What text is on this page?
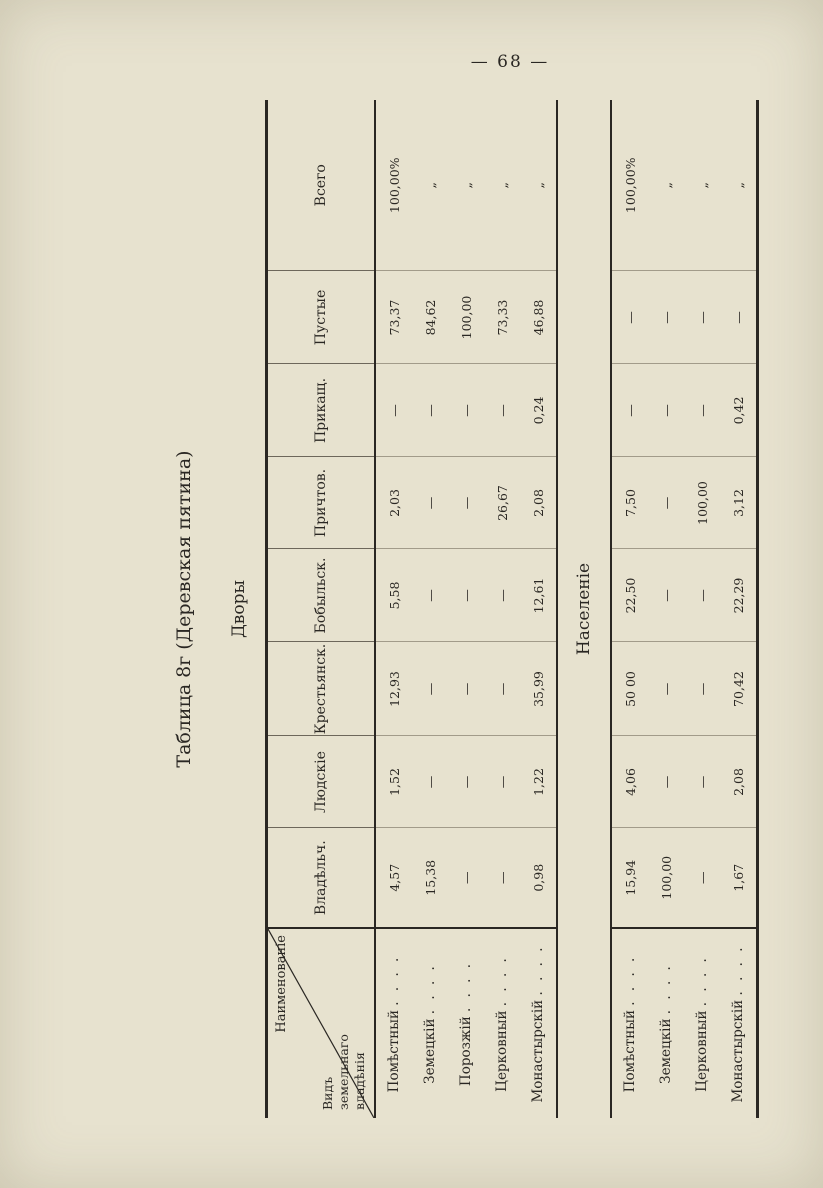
— 68 —
Таблица 8г (Деревская пятина) Дворы

Наименованіе
Видъ
земельнаго
владѣнія	Владѣльч.	Людскіе	Крестьянск.	Бобыльск.	Причтов.	Прикащ.	Пустые	Всего
Помѣстный . . . .	4,57	1,52	12,93	5,58	2,03	—	73,37	100,00%
Земецкій . . . .	15,38	—	—	—	—	—	84,62	„
Порозжій . . . .	—	—	—	—	—	—	100,00	„
Церковный . . . .	—	—	—	—	26,67	—	73,33	„
Монастырскій . . . .	0,98	1,22	35,99	12,61	2,08	0,24	46,88	„
Населеніе								
Помѣстный . . . .	15,94	4,06	50 00	22,50	7,50	—	—	100,00%
Земецкій . . . .	100,00	—	—	—	—	—	—	„
Церковный . . . .	—	—	—	—	100,00	—	—	„
Монастырскій . . . .	1,67	2,08	70,42	22,29	3,12	0,42	—	„
